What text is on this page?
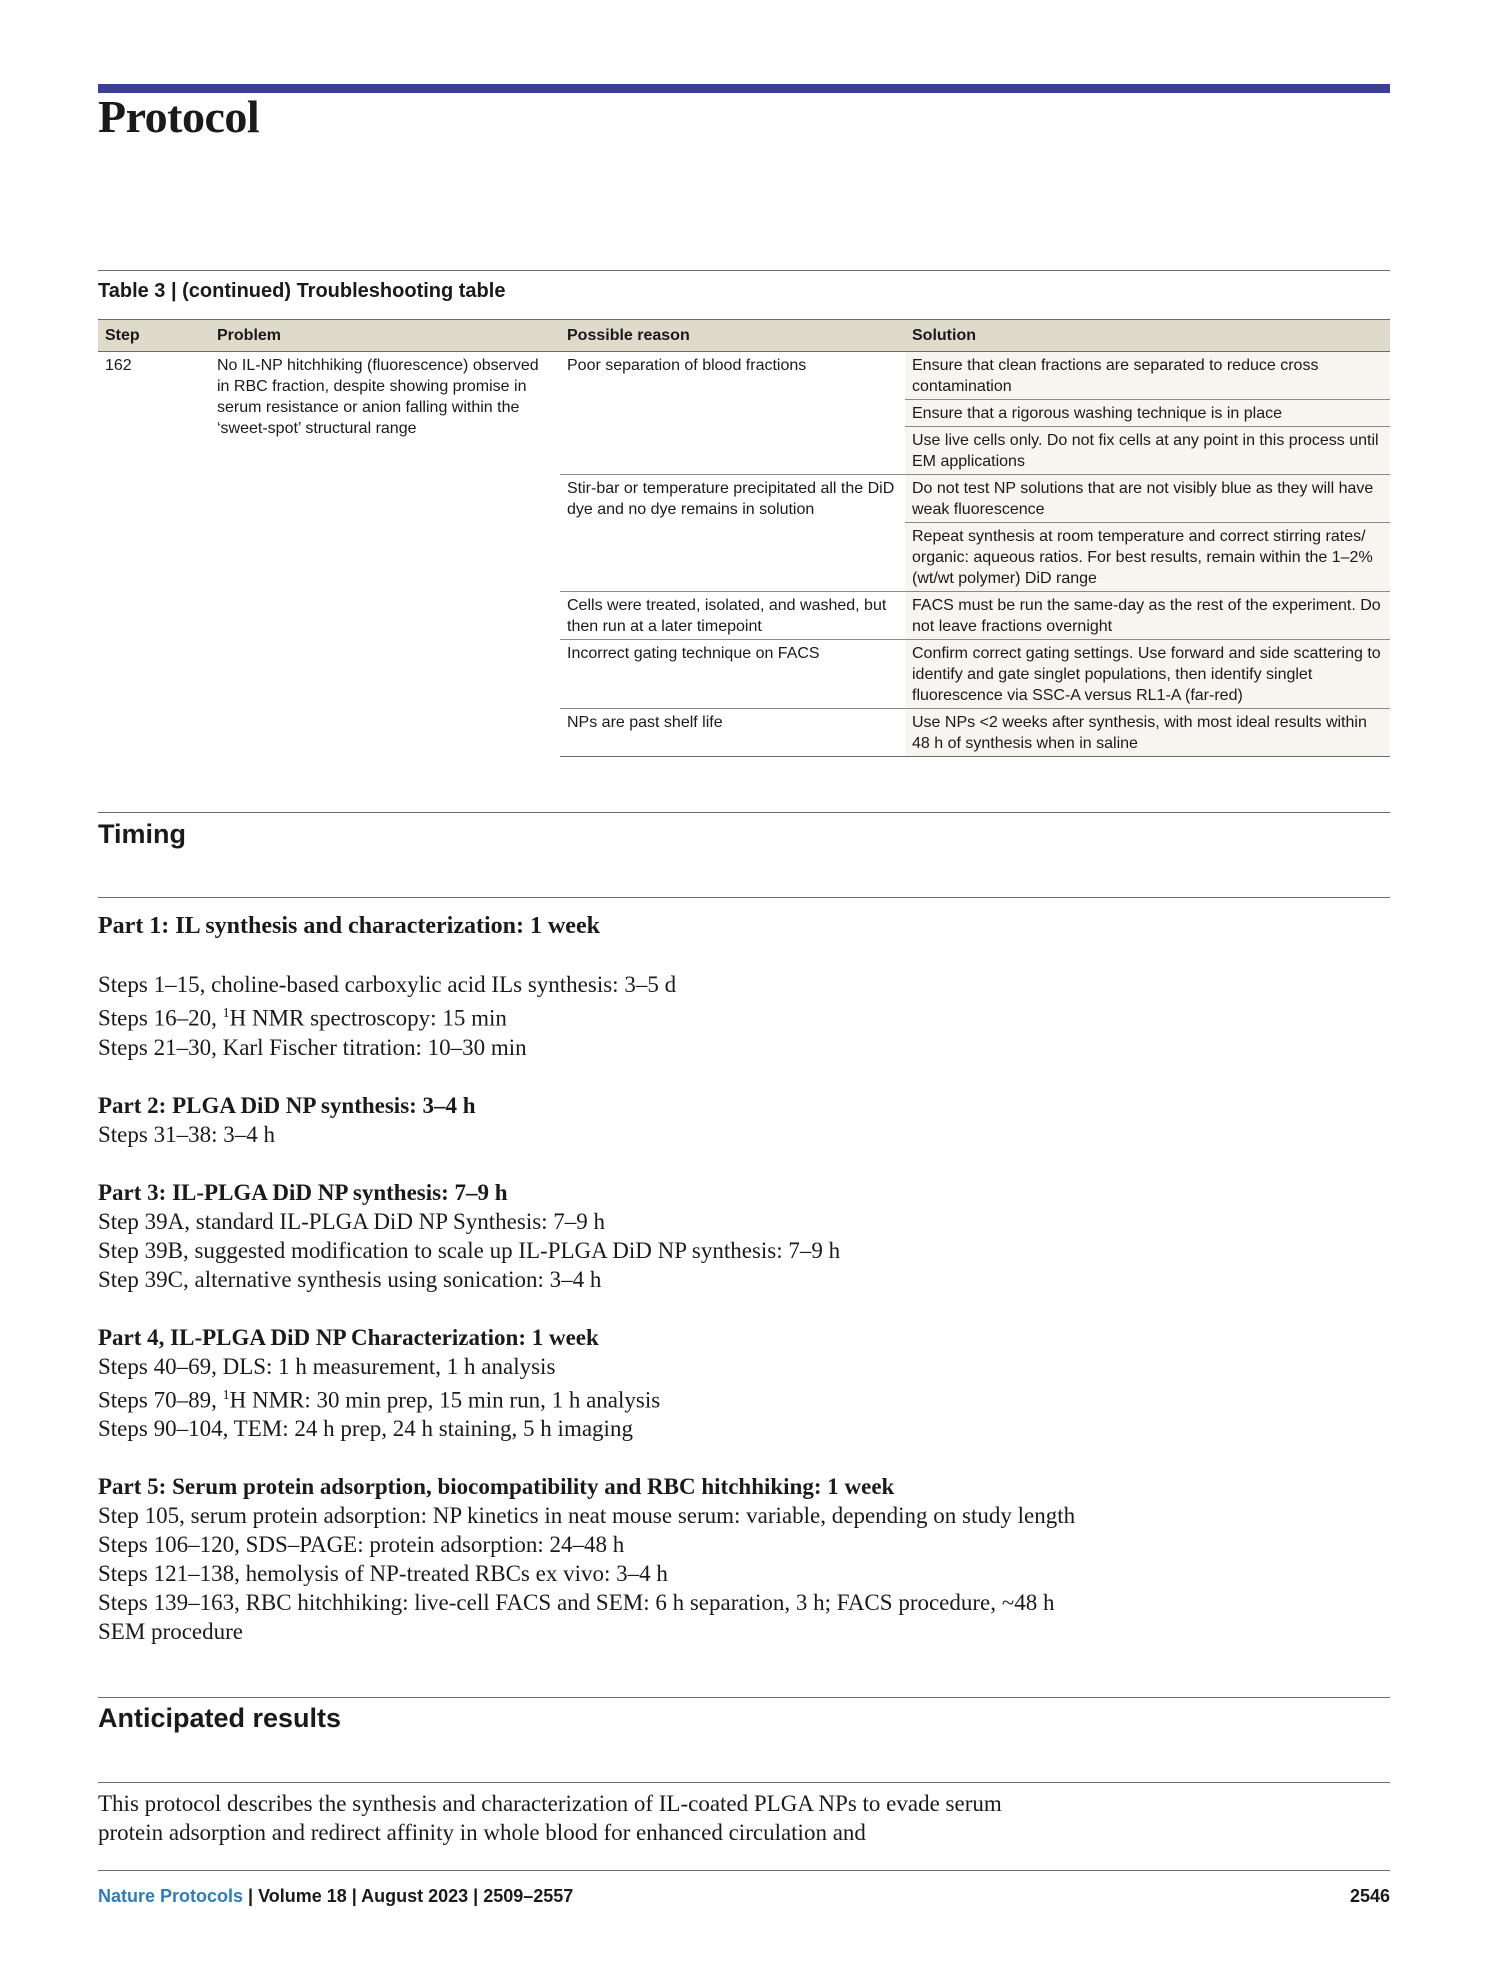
Protocol
Table 3 | (continued) Troubleshooting table
Step	Problem	Possible reason	Solution
162	No IL-NP hitchhiking (fluorescence) observed in RBC fraction, despite showing promise in serum resistance or anion falling within the ‘sweet-spot’ structural range	Poor separation of blood fractions	Ensure that clean fractions are separated to reduce cross contamination
			Ensure that a rigorous washing technique is in place
			Use live cells only. Do not fix cells at any point in this process until EM applications
		Stir-bar or temperature precipitated all the DiD dye and no dye remains in solution	Do not test NP solutions that are not visibly blue as they will have weak fluorescence
			Repeat synthesis at room temperature and correct stirring rates/ organic: aqueous ratios. For best results, remain within the 1–2% (wt/wt polymer) DiD range
		Cells were treated, isolated, and washed, but then run at a later timepoint	FACS must be run the same-day as the rest of the experiment. Do not leave fractions overnight
		Incorrect gating technique on FACS	Confirm correct gating settings. Use forward and side scattering to identify and gate singlet populations, then identify singlet fluorescence via SSC-A versus RL1-A (far-red)
		NPs are past shelf life	Use NPs <2 weeks after synthesis, with most ideal results within 48 h of synthesis when in saline
Timing
Part 1: IL synthesis and characterization: 1 week
Steps 1–15, choline-based carboxylic acid ILs synthesis: 3–5 d
Steps 16–20, $^1$H NMR spectroscopy: 15 min
Steps 21–30, Karl Fischer titration: 10–30 min
Part 2: PLGA DiD NP synthesis: 3–4 h
Steps 31–38: 3–4 h
Part 3: IL-PLGA DiD NP synthesis: 7–9 h
Step 39A, standard IL-PLGA DiD NP Synthesis: 7–9 h
Step 39B, suggested modification to scale up IL-PLGA DiD NP synthesis: 7–9 h
Step 39C, alternative synthesis using sonication: 3–4 h
Part 4, IL-PLGA DiD NP Characterization: 1 week
Steps 40–69, DLS: 1 h measurement, 1 h analysis
Steps 70–89, $^1$H NMR: 30 min prep, 15 min run, 1 h analysis
Steps 90–104, TEM: 24 h prep, 24 h staining, 5 h imaging
Part 5: Serum protein adsorption, biocompatibility and RBC hitchhiking: 1 week
Step 105, serum protein adsorption: NP kinetics in neat mouse serum: variable, depending on study length
Steps 106–120, SDS–PAGE: protein adsorption: 24–48 h
Steps 121–138, hemolysis of NP-treated RBCs ex vivo: 3–4 h
Steps 139–163, RBC hitchhiking: live-cell FACS and SEM: 6 h separation, 3 h; FACS procedure, ~48 h SEM procedure
Anticipated results
This protocol describes the synthesis and characterization of IL-coated PLGA NPs to evade serum protein adsorption and redirect affinity in whole blood for enhanced circulation and
Nature Protocols | Volume 18 | August 2023 | 2509–2557	2546
